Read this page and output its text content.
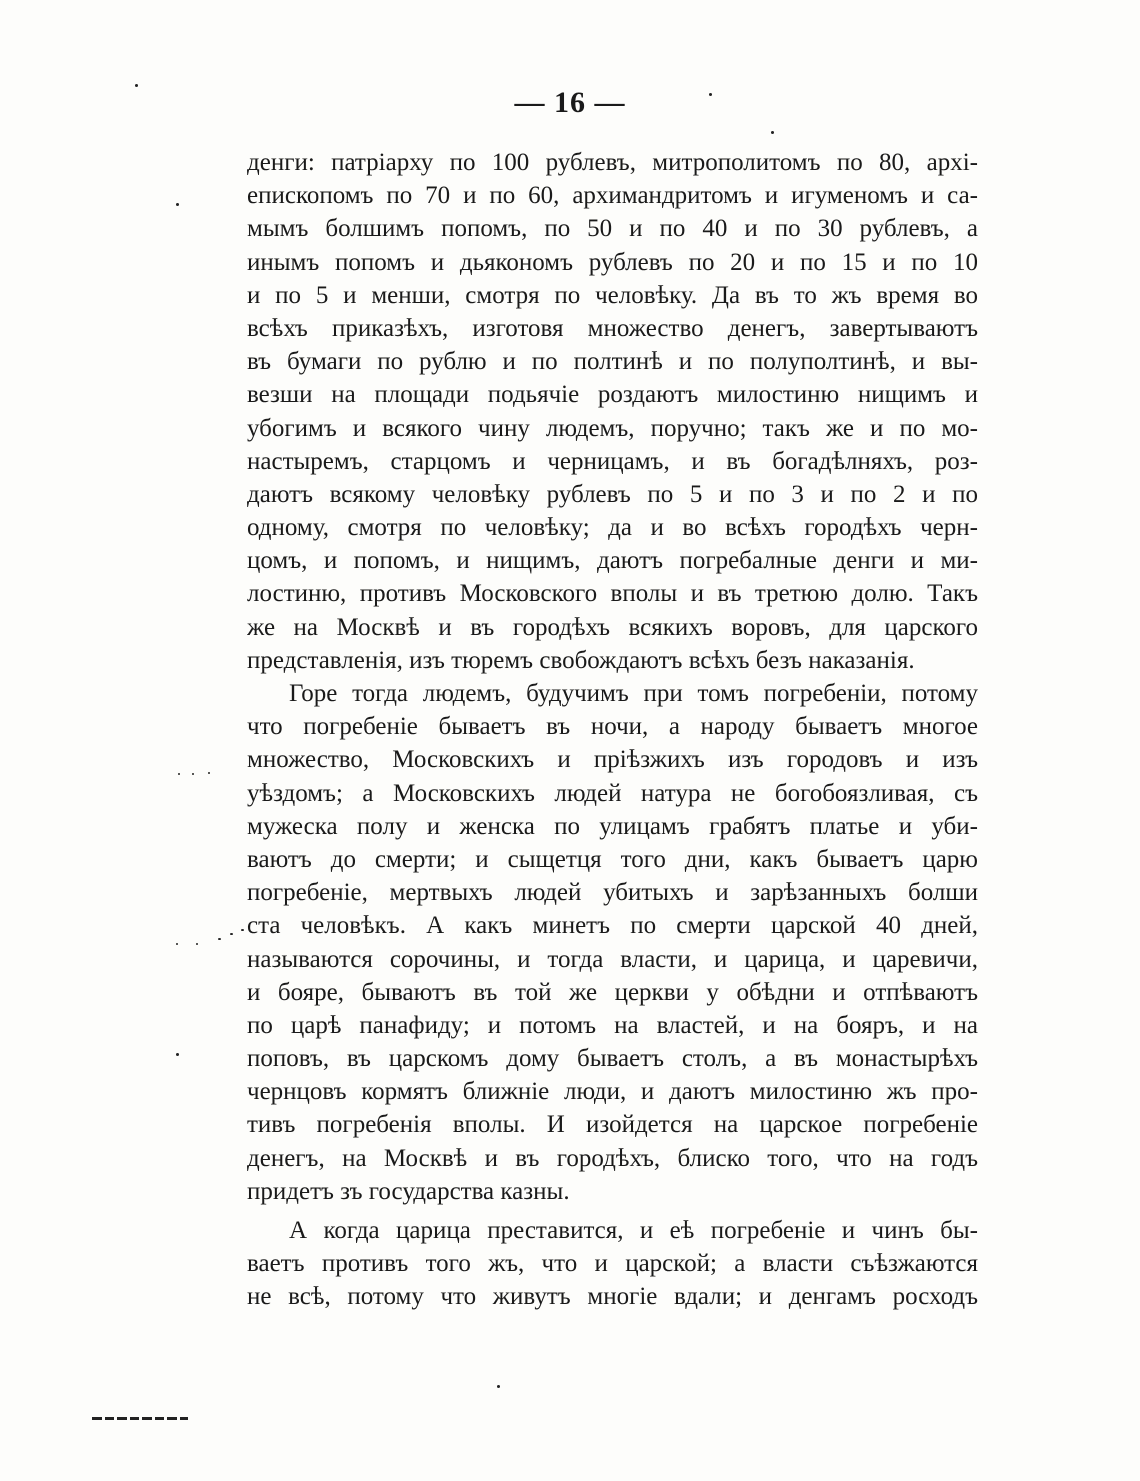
— 16 —
денги: патріарху по 100 рублевъ, митрополитомъ по 80, архі-
епископомъ по 70 и по 60, архимандритомъ и игуменомъ и са-
мымъ болшимъ попомъ, по 50 и по 40 и по 30 рублевъ, а
инымъ попомъ и дьякономъ рублевъ по 20 и по 15 и по 10
и по 5 и менши, смотря по человѣку. Да въ то жъ время во
всѣхъ приказѣхъ, изготовя множество денегъ, завертываютъ
въ бумаги по рублю и по полтинѣ и по полуполтинѣ, и вы-
везши на площади подьячіе роздаютъ милостиню нищимъ и
убогимъ и всякого чину людемъ, поручно; такъ же и по мо-
настыремъ, старцомъ и черницамъ, и въ богадѣлняхъ, роз-
даютъ всякому человѣку рублевъ по 5 и по 3 и по 2 и по
одному, смотря по человѣку; да и во всѣхъ городѣхъ черн-
цомъ, и попомъ, и нищимъ, даютъ погребалные денги и ми-
лостиню, противъ Московского вполы и въ третюю долю. Такъ
же на Москвѣ и въ городѣхъ всякихъ воровъ, для царского
представленія, изъ тюремъ свобождаютъ всѣхъ безъ наказанія.
Горе тогда людемъ, будучимъ при томъ погребеніи, потому
что погребеніе бываетъ въ ночи, а народу бываетъ многое
множество, Московскихъ и пріѣзжихъ изъ городовъ и изъ
уѣздомъ; а Московскихъ людей натура не богобоязливая, съ
мужеска полу и женска по улицамъ грабятъ платье и уби-
ваютъ до смерти; и сыщетця того дни, какъ бываетъ царю
погребеніе, мертвыхъ людей убитыхъ и зарѣзанныхъ болши
ста человѣкъ. А какъ минетъ по смерти царской 40 дней,
называются сорочины, и тогда власти, и царица, и царевичи,
и бояре, бываютъ въ той же церкви у обѣдни и отпѣваютъ
по царѣ панафиду; и потомъ на властей, и на бояръ, и на
поповъ, въ царскомъ дому бываетъ столъ, а въ монастырѣхъ
чернцовъ кормятъ ближніе люди, и даютъ милостиню жъ про-
тивъ погребенія вполы. И изойдется на царское погребеніе
денегъ, на Москвѣ и въ городѣхъ, блиско того, что на годъ
придетъ зъ государства казны.
А когда царица преставится, и еѣ погребеніе и чинъ бы-
ваетъ противъ того жъ, что и царской; а власти съѣзжаются
не всѣ, потому что живутъ многіе вдали; и денгамъ росходъ
